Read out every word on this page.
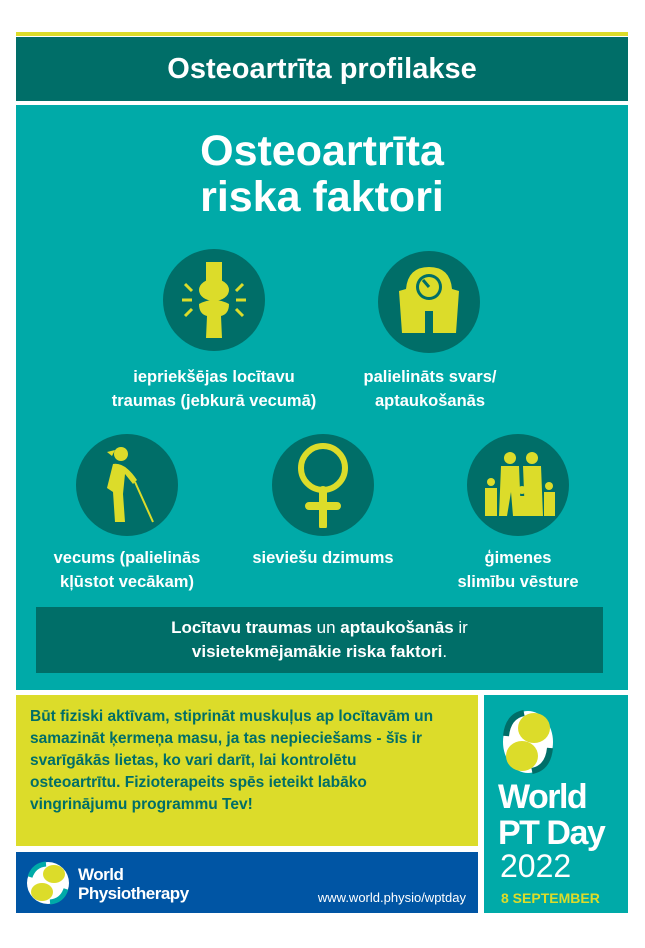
Osteoartrīta profilakse
Osteoartrīta
riska faktori
iepriekšējas locītavu
traumas (jebkurā vecumā)
palielināts svars/
aptaukošanās
vecums (palielinās
kļūstot vecākam)
sieviešu dzimums	ģimenes
slimību vēsture
Locītavu traumas un aptaukošanās ir
visietekmējamākie riska faktori.
Būt fiziski aktīvam, stiprināt muskuļus ap locītavām un samazināt ķermeņa masu, ja tas nepieciešams - šīs ir svarīgākās lietas, ko vari darīt, lai kontrolētu osteoartrītu. Fizioterapeits spēs ieteikt labāko vingrinājumu programmu Tev!
World
Physiotherapy	www.world.physio/wptday
World
PT Day
2022
8 SEPTEMBER
